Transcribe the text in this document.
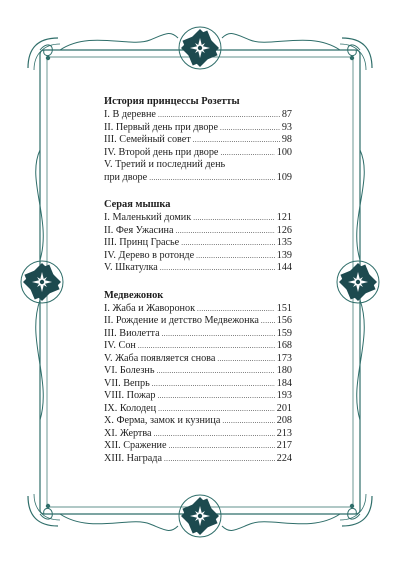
История принцессы Розетты
I. В деревне .....	87
II. Первый день при дворе .....	93
III. Семейный совет .....	98
IV. Второй день при дворе .....	100
V. Третий и последний день
при дворе .....	109
Серая мышка
I. Маленький домик .....	121
II. Фея Ужасина .....	126
III. Принц Грасье .....	135
IV. Дерево в ротонде .....	139
V. Шкатулка .....	144
Медвежонок
I. Жаба и Жаворонок .....	151
II. Рождение и детство Медвежонка ..... 156
III. Виолетта .....	159
IV. Сон .....	168
V. Жаба появляется снова .....	173
VI. Болезнь .....	180
VII. Вепрь .....	184
VIII. Пожар .....	193
IX. Колодец .....	201
X. Ферма, замок и кузница .....	208
XI. Жертва .....	213
XII. Сражение .....	217
XIII. Награда .....	224
